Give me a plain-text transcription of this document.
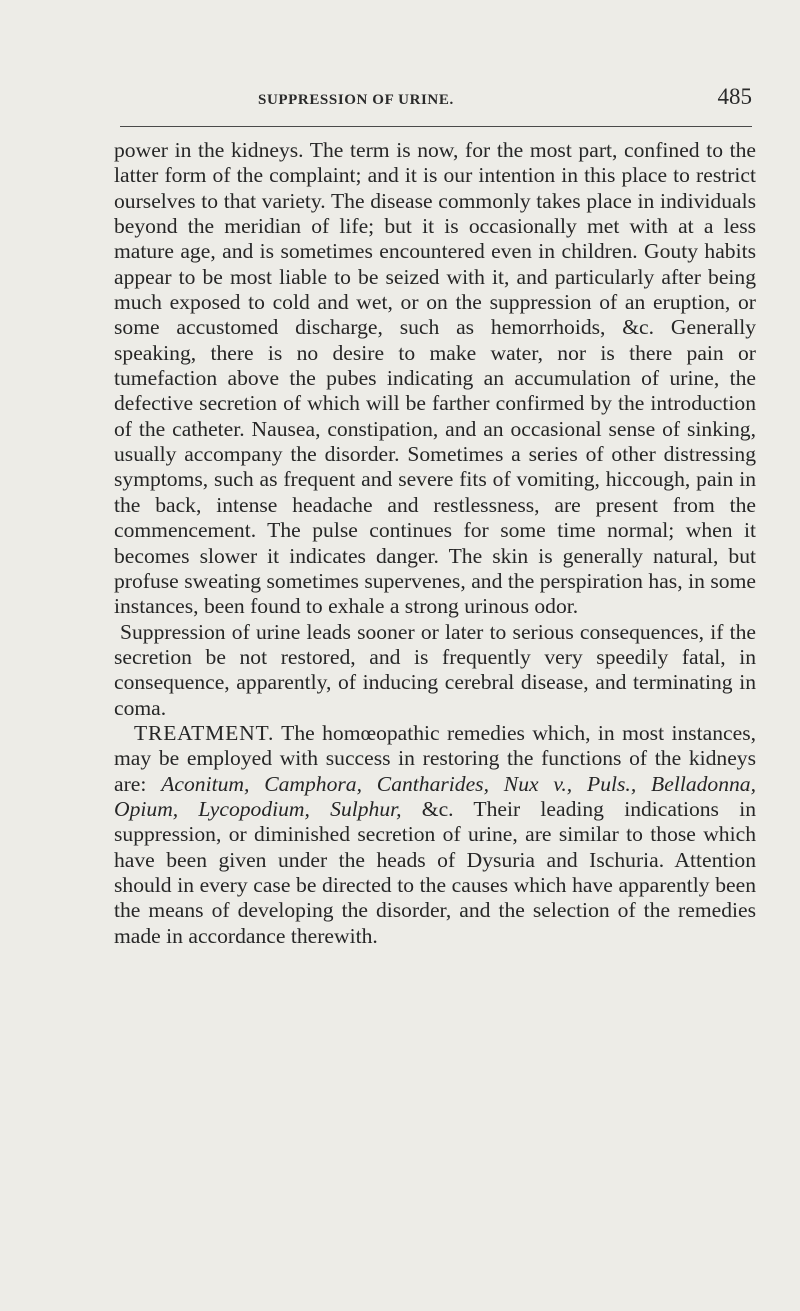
SUPPRESSION OF URINE.	485

power in the kidneys. The term is now, for the most part, confined to the latter form of the complaint; and it is our intention in this place to restrict ourselves to that variety. The disease commonly takes place in individuals beyond the meridian of life; but it is occasionally met with at a less mature age, and is sometimes encountered even in children. Gouty habits appear to be most liable to be seized with it, and particularly after being much exposed to cold and wet, or on the suppression of an eruption, or some accustomed discharge, such as hemorrhoids, &c. Generally speaking, there is no desire to make water, nor is there pain or tumefaction above the pubes indicating an accumulation of urine, the defective secretion of which will be farther confirmed by the introduction of the catheter. Nausea, constipation, and an occasional sense of sinking, usually accompany the disorder. Sometimes a series of other distressing symptoms, such as frequent and severe fits of vomiting, hiccough, pain in the back, intense headache and restlessness, are present from the commencement. The pulse continues for some time normal; when it becomes slower it indicates danger. The skin is generally natural, but profuse sweating sometimes supervenes, and the perspiration has, in some instances, been found to exhale a strong urinous odor.

Suppression of urine leads sooner or later to serious consequences, if the secretion be not restored, and is frequently very speedily fatal, in consequence, apparently, of inducing cerebral disease, and terminating in coma.

TREATMENT. The homœopathic remedies which, in most instances, may be employed with success in restoring the functions of the kidneys are: Aconitum, Camphora, Cantharides, Nux v., Puls., Belladonna, Opium, Lycopodium, Sulphur, &c. Their leading indications in suppression, or diminished secretion of urine, are similar to those which have been given under the heads of Dysuria and Ischuria. Attention should in every case be directed to the causes which have apparently been the means of developing the disorder, and the selection of the remedies made in accordance therewith.
